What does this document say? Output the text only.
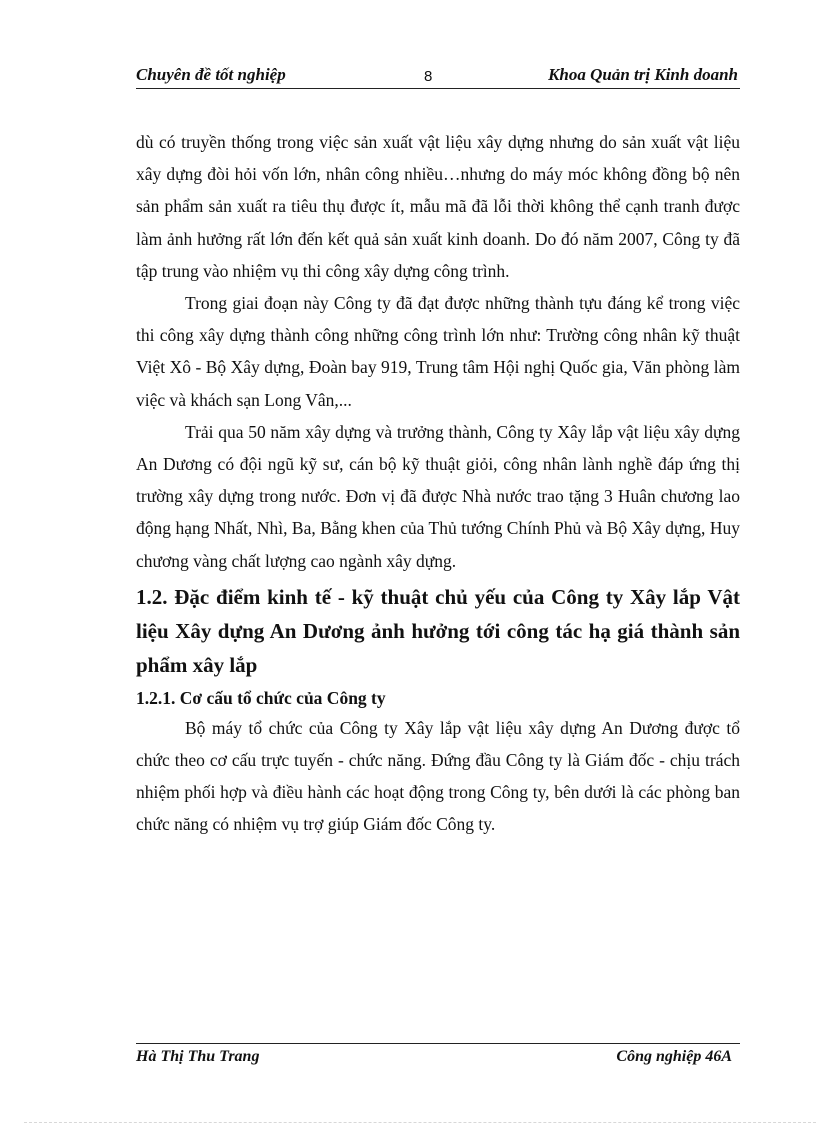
Chuyên đề tốt nghiệp	8	Khoa Quản trị Kinh doanh

dù có truyền thống trong việc sản xuất vật liệu xây dựng nhưng do sản xuất vật liệu xây dựng đòi hỏi vốn lớn, nhân công nhiều…nhưng do máy móc không đồng bộ nên sản phẩm sản xuất ra tiêu thụ được ít, mẫu mã đã lỗi thời không thể cạnh tranh được làm ảnh hưởng rất lớn đến kết quả sản xuất kinh doanh. Do đó năm 2007, Công ty đã tập trung vào nhiệm vụ thi công xây dựng công trình.

Trong giai đoạn này Công ty đã đạt được những thành tựu đáng kể trong việc thi công xây dựng thành công những công trình lớn như: Trường công nhân kỹ thuật Việt Xô - Bộ Xây dựng, Đoàn bay 919, Trung tâm Hội nghị Quốc gia, Văn phòng làm việc và khách sạn Long Vân,...

Trải qua 50 năm xây dựng và trưởng thành, Công ty Xây lắp vật liệu xây dựng An Dương có đội ngũ kỹ sư, cán bộ kỹ thuật giỏi, công nhân lành nghề đáp ứng thị trường xây dựng trong nước. Đơn vị đã được Nhà nước trao tặng 3 Huân chương lao động hạng Nhất, Nhì, Ba, Bằng khen của Thủ tướng Chính Phủ và Bộ Xây dựng, Huy chương vàng chất lượng cao ngành xây dựng.

1.2. Đặc điểm kinh tế - kỹ thuật chủ yếu của Công ty Xây lắp Vật liệu Xây dựng An Dương ảnh hưởng tới công tác hạ giá thành sản phẩm xây lắp

1.2.1. Cơ cấu tổ chức của Công ty

Bộ máy tổ chức của Công ty Xây lắp vật liệu xây dựng An Dương được tổ chức theo cơ cấu trực tuyến - chức năng. Đứng đầu Công ty là Giám đốc - chịu trách nhiệm phối hợp và điều hành các hoạt động trong Công ty, bên dưới là các phòng ban chức năng có nhiệm vụ trợ giúp Giám đốc Công ty.

Hà Thị Thu Trang	Công nghiệp 46A
